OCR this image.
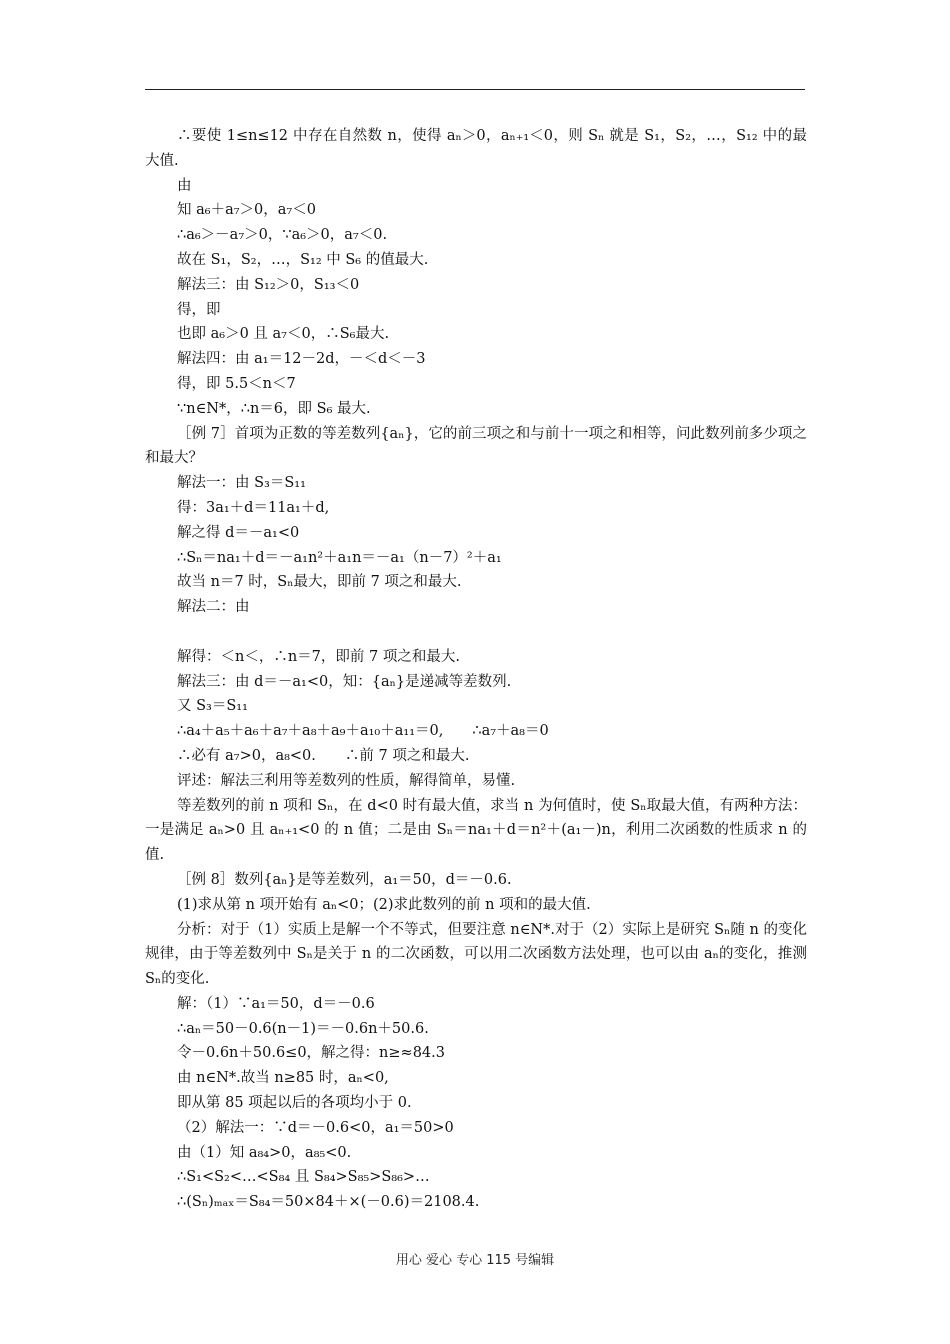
∴要使 1≤n≤12 中存在自然数 n，使得 aₙ＞0，aₙ₊₁＜0，则 Sₙ 就是 S₁，S₂，…，S₁₂ 中的最大值.
由
知 a₆＋a₇＞0，a₇＜0
∴a₆＞－a₇＞0，∵a₆＞0，a₇＜0.
故在 S₁，S₂，…，S₁₂ 中 S₆ 的值最大.
解法三：由 S₁₂＞0，S₁₃＜0
得，即
也即 a₆＞0 且 a₇＜0，∴S₆最大.
解法四：由 a₁＝12－2d，－＜d＜－3
得，即 5.5＜n＜7
∵n∈N*，∴n＝6，即 S₆ 最大.
［例 7］首项为正数的等差数列{aₙ}，它的前三项之和与前十一项之和相等，问此数列前多少项之和最大？
解法一：由 S₃＝S₁₁
得：3a₁＋d＝11a₁＋d,
解之得 d＝－a₁<0
∴Sₙ＝na₁＋d＝－a₁n²＋a₁n＝－a₁（n－7）²＋a₁
故当 n＝7 时，Sₙ最大，即前 7 项之和最大.
解法二：由
解得：＜n＜，∴n＝7，即前 7 项之和最大.
解法三：由 d＝－a₁<0，知：{aₙ}是递减等差数列.
又 S₃＝S₁₁
∴a₄＋a₅＋a₆＋a₇＋a₈＋a₉＋a₁₀＋a₁₁＝0,　　∴a₇＋a₈＝0
∴必有 a₇>0，a₈<0.　　∴前 7 项之和最大.
评述：解法三利用等差数列的性质，解得简单，易懂.
等差数列的前 n 项和 Sₙ，在 d<0 时有最大值，求当 n 为何值时，使 Sₙ取最大值，有两种方法：一是满足 aₙ>0 且 aₙ₊₁<0 的 n 值；二是由 Sₙ＝na₁＋d＝n²＋(a₁－)n，利用二次函数的性质求 n 的值.
［例 8］数列{aₙ}是等差数列，a₁＝50，d＝－0.6.
(1)求从第 n 项开始有 aₙ<0；(2)求此数列的前 n 项和的最大值.
分析：对于（1）实质上是解一个不等式，但要注意 n∈N*.对于（2）实际上是研究 Sₙ随 n 的变化规律，由于等差数列中 Sₙ是关于 n 的二次函数，可以用二次函数方法处理，也可以由 aₙ的变化，推测 Sₙ的变化.
解：（1）∵a₁＝50，d＝－0.6
∴aₙ＝50－0.6(n－1)＝－0.6n＋50.6.
令－0.6n＋50.6≤0，解之得：n≥≈84.3
由 n∈N*.故当 n≥85 时，aₙ<0,
即从第 85 项起以后的各项均小于 0.
（2）解法一：∵d＝－0.6<0，a₁＝50>0
由（1）知 a₈₄>0，a₈₅<0.
∴S₁<S₂<…<S₈₄ 且 S₈₄>S₈₅>S₈₆>…
∴(Sₙ)ₘₐₓ＝S₈₄＝50×84＋×(－0.6)＝2108.4.
用心 爱心 专心 115 号编辑
